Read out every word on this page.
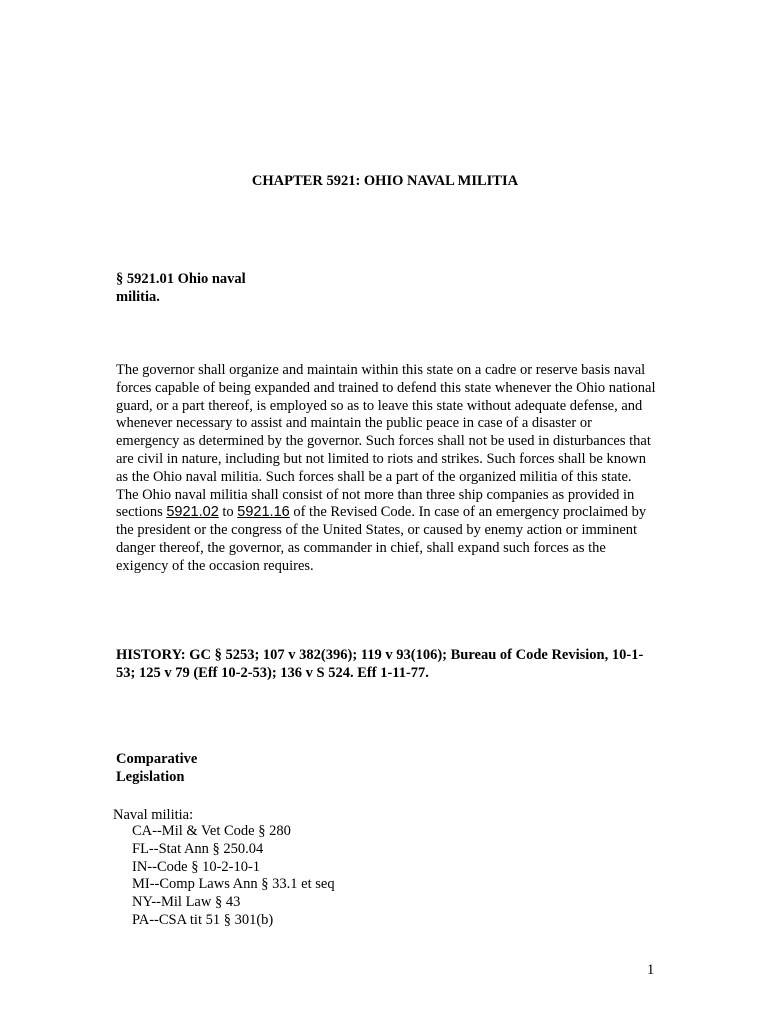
CHAPTER 5921: OHIO NAVAL MILITIA
§ 5921.01 Ohio naval
militia.
The governor shall organize and maintain within this state on a cadre or reserve basis naval forces capable of being expanded and trained to defend this state whenever the Ohio national guard, or a part thereof, is employed so as to leave this state without adequate defense, and whenever necessary to assist and maintain the public peace in case of a disaster or emergency as determined by the governor. Such forces shall not be used in disturbances that are civil in nature, including but not limited to riots and strikes. Such forces shall be known as the Ohio naval militia. Such forces shall be a part of the organized militia of this state. The Ohio naval militia shall consist of not more than three ship companies as provided in sections 5921.02 to 5921.16 of the Revised Code. In case of an emergency proclaimed by the president or the congress of the United States, or caused by enemy action or imminent danger thereof, the governor, as commander in chief, shall expand such forces as the exigency of the occasion requires.
HISTORY: GC § 5253; 107 v 382(396); 119 v 93(106); Bureau of Code Revision, 10-1-53; 125 v 79 (Eff 10-2-53); 136 v S 524. Eff 1-11-77.
Comparative
Legislation
Naval militia:
CA--Mil & Vet Code § 280
FL--Stat Ann § 250.04
IN--Code § 10-2-10-1
MI--Comp Laws Ann § 33.1 et seq
NY--Mil Law § 43
PA--CSA tit 51 § 301(b)
1
